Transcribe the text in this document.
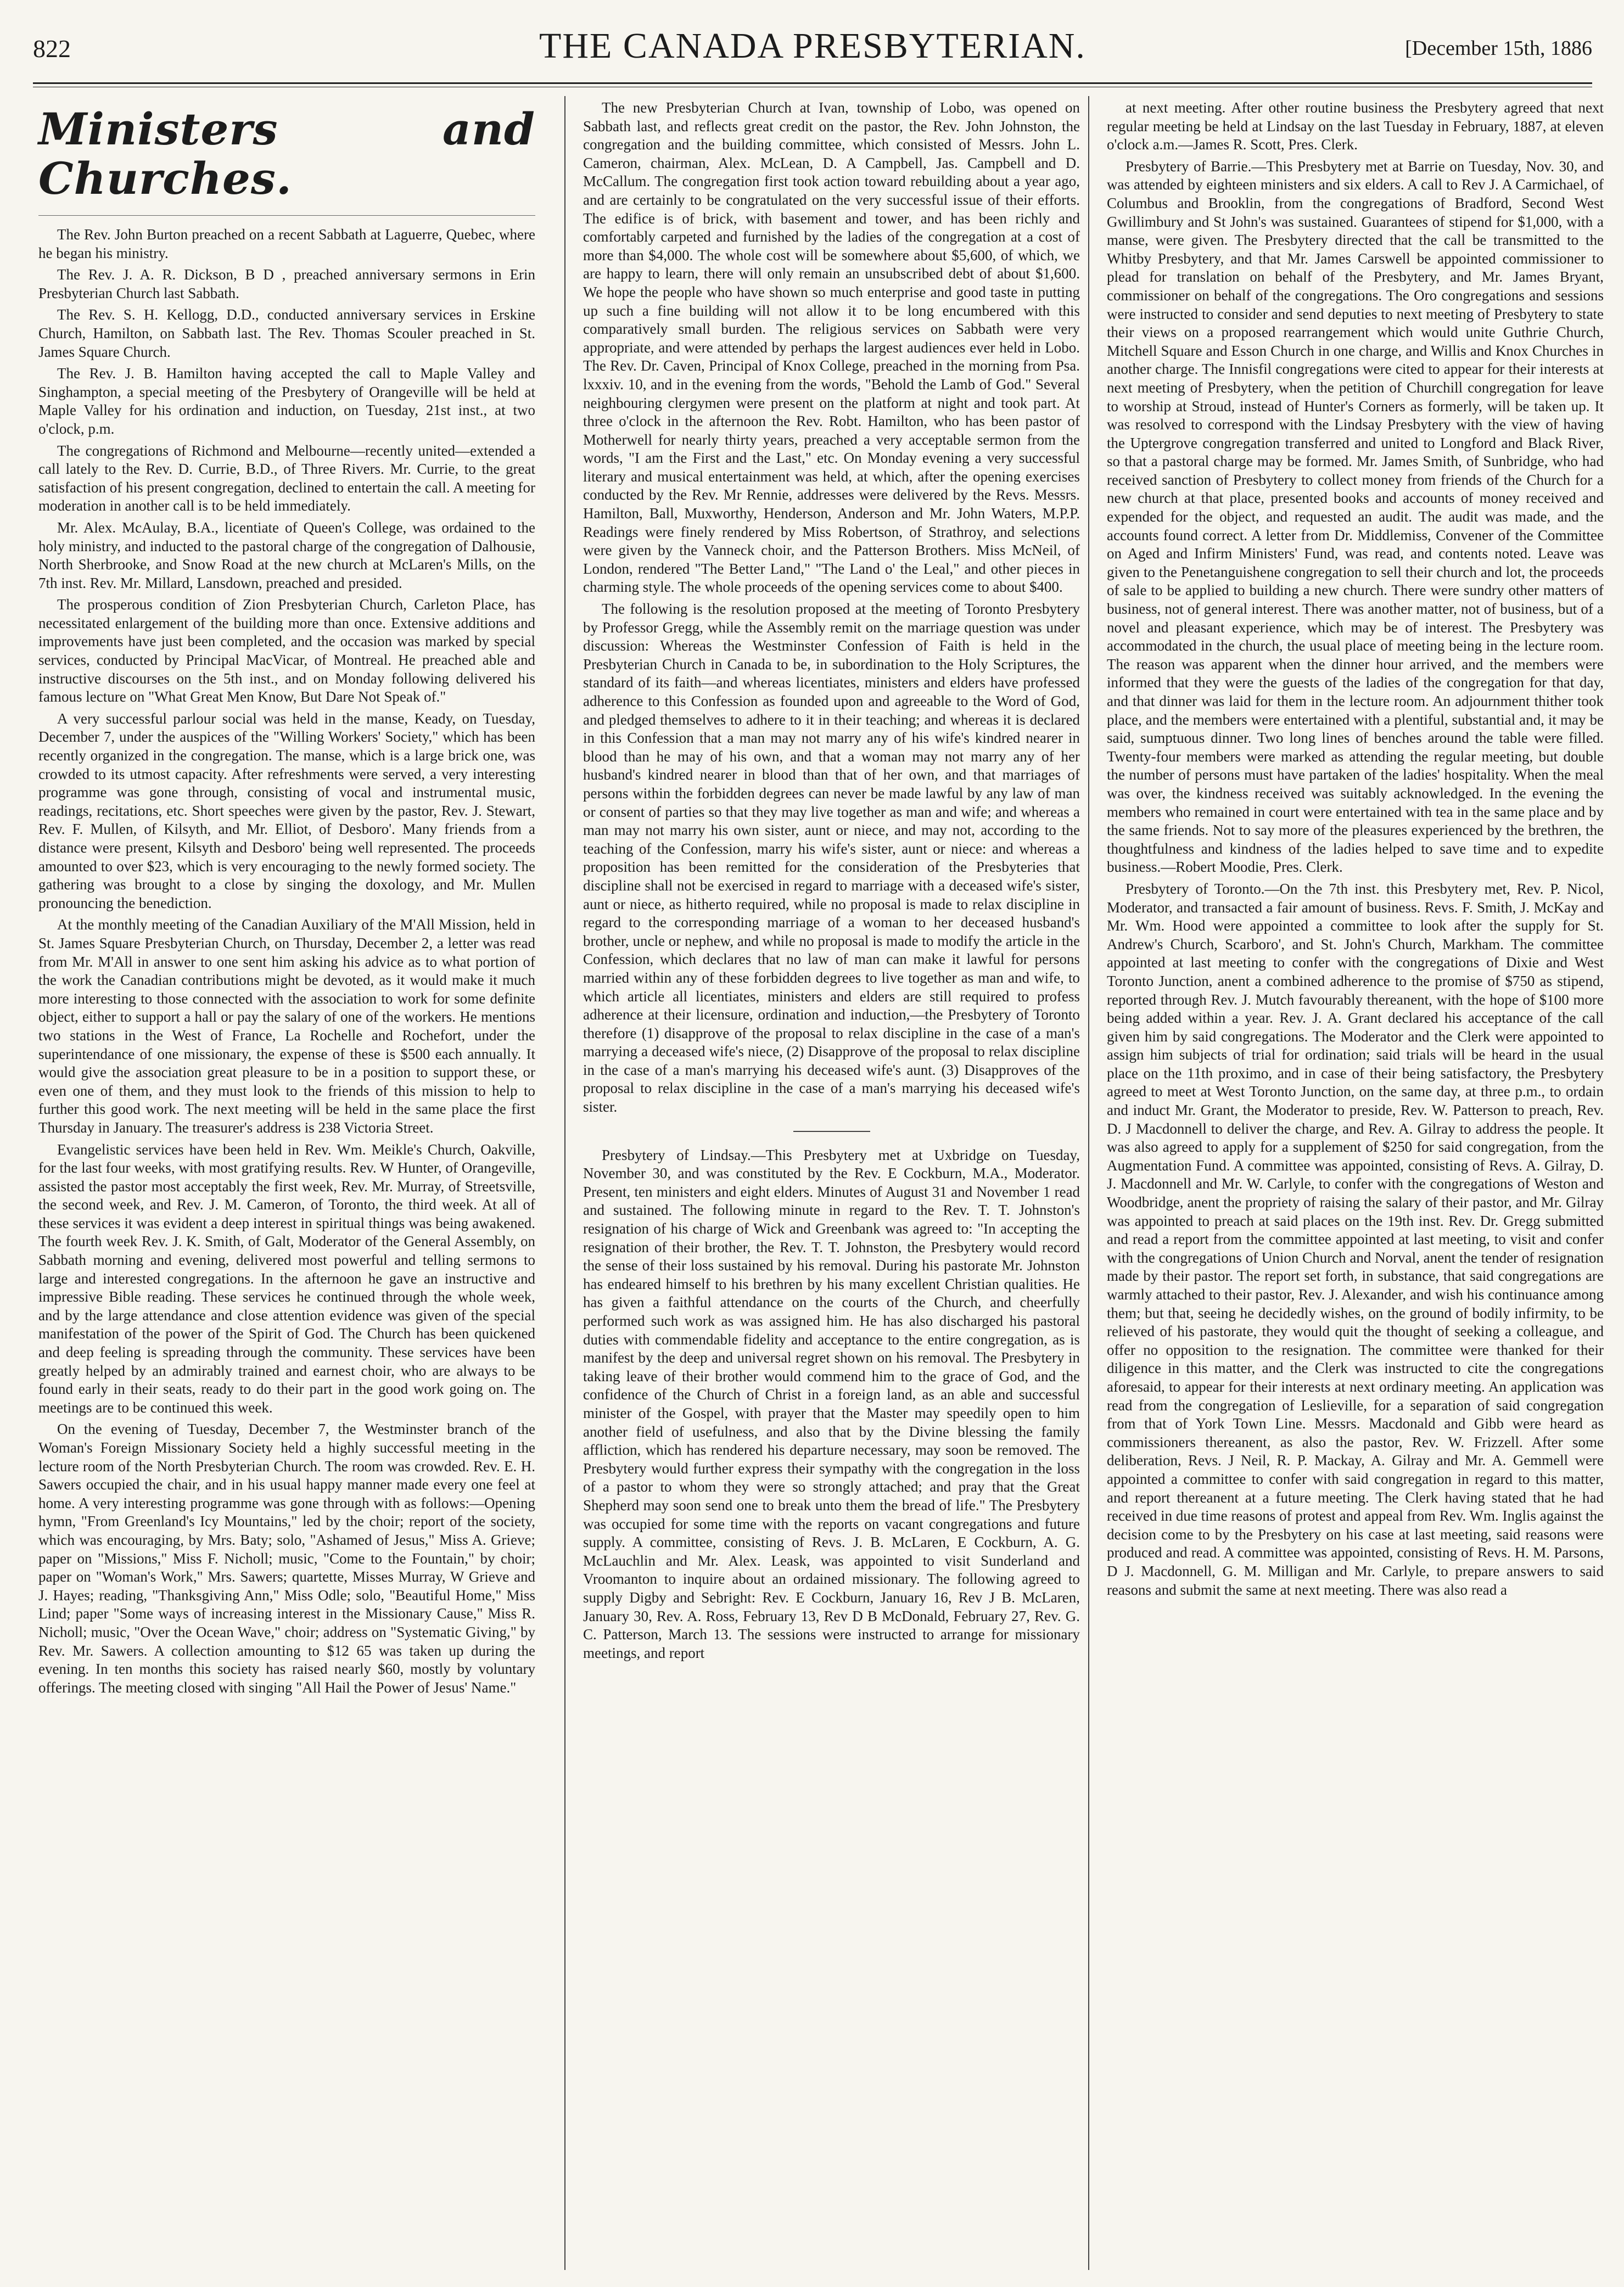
822	THE CANADA PRESBYTERIAN.	[December 15th, 1886
Ministers and Churches.

The Rev. John Burton preached on a recent Sabbath at Laguerre, Quebec, where he began his ministry.

The Rev. J. A. R. Dickson, B D , preached anniversary sermons in Erin Presbyterian Church last Sabbath.

The Rev. S. H. Kellogg, D.D., conducted anniversary services in Erskine Church, Hamilton, on Sabbath last. The Rev. Thomas Scouler preached in St. James Square Church.

The Rev. J. B. Hamilton having accepted the call to Maple Valley and Singhampton, a special meeting of the Presbytery of Orangeville will be held at Maple Valley for his ordination and induction, on Tuesday, 21st inst., at two o'clock, p.m.

The congregations of Richmond and Melbourne—recently united—extended a call lately to the Rev. D. Currie, B.D., of Three Rivers. Mr. Currie, to the great satisfaction of his present congregation, declined to entertain the call. A meeting for moderation in another call is to be held immediately.

Mr. Alex. McAulay, B.A., licentiate of Queen's College, was ordained to the holy ministry, and inducted to the pastoral charge of the congregation of Dalhousie, North Sherbrooke, and Snow Road at the new church at McLaren's Mills, on the 7th inst. Rev. Mr. Millard, Lansdown, preached and presided.

The prosperous condition of Zion Presbyterian Church, Carleton Place, has necessitated enlargement of the building more than once. Extensive additions and improvements have just been completed, and the occasion was marked by special services, conducted by Principal MacVicar, of Montreal. He preached able and instructive discourses on the 5th inst., and on Monday following delivered his famous lecture on "What Great Men Know, But Dare Not Speak of."

A very successful parlour social was held in the manse, Keady, on Tuesday, December 7, under the auspices of the "Willing Workers' Society," which has been recently organized in the congregation. The manse, which is a large brick one, was crowded to its utmost capacity. After refreshments were served, a very interesting programme was gone through, consisting of vocal and instrumental music, readings, recitations, etc. Short speeches were given by the pastor, Rev. J. Stewart, Rev. F. Mullen, of Kilsyth, and Mr. Elliot, of Desboro'. Many friends from a distance were present, Kilsyth and Desboro' being well represented. The proceeds amounted to over $23, which is very encouraging to the newly formed society. The gathering was brought to a close by singing the doxology, and Mr. Mullen pronouncing the benediction.

At the monthly meeting of the Canadian Auxiliary of the M'All Mission, held in St. James Square Presbyterian Church, on Thursday, December 2, a letter was read from Mr. M'All in answer to one sent him asking his advice as to what portion of the work the Canadian contributions might be devoted, as it would make it much more interesting to those connected with the association to work for some definite object, either to support a hall or pay the salary of one of the workers. He mentions two stations in the West of France, La Rochelle and Rochefort, under the superintendance of one missionary, the expense of these is $500 each annually. It would give the association great pleasure to be in a position to support these, or even one of them, and they must look to the friends of this mission to help to further this good work. The next meeting will be held in the same place the first Thursday in January. The treasurer's address is 238 Victoria Street.

Evangelistic services have been held in Rev. Wm. Meikle's Church, Oakville, for the last four weeks, with most gratifying results. Rev. W Hunter, of Orangeville, assisted the pastor most acceptably the first week, Rev. Mr. Murray, of Streetsville, the second week, and Rev. J. M. Cameron, of Toronto, the third week. At all of these services it was evident a deep interest in spiritual things was being awakened. The fourth week Rev. J. K. Smith, of Galt, Moderator of the General Assembly, on Sabbath morning and evening, delivered most powerful and telling sermons to large and interested congregations. In the afternoon he gave an instructive and impressive Bible reading. These services he continued through the whole week, and by the large attendance and close attention evidence was given of the special manifestation of the power of the Spirit of God. The Church has been quickened and deep feeling is spreading through the community. These services have been greatly helped by an admirably trained and earnest choir, who are always to be found early in their seats, ready to do their part in the good work going on. The meetings are to be continued this week.

On the evening of Tuesday, December 7, the Westminster branch of the Woman's Foreign Missionary Society held a highly successful meeting in the lecture room of the North Presbyterian Church. The room was crowded. Rev. E. H. Sawers occupied the chair, and in his usual happy manner made every one feel at home. A very interesting programme was gone through with as follows:—Opening hymn, "From Greenland's Icy Mountains," led by the choir; report of the society, which was encouraging, by Mrs. Baty; solo, "Ashamed of Jesus," Miss A. Grieve; paper on "Missions," Miss F. Nicholl; music, "Come to the Fountain," by choir; paper on "Woman's Work," Mrs. Sawers; quartette, Misses Murray, W Grieve and J. Hayes; reading, "Thanksgiving Ann," Miss Odle; solo, "Beautiful Home," Miss Lind; paper "Some ways of increasing interest in the Missionary Cause," Miss R. Nicholl; music, "Over the Ocean Wave," choir; address on "Systematic Giving," by Rev. Mr. Sawers. A collection amounting to $12 65 was taken up during the evening. In ten months this society has raised nearly $60, mostly by voluntary offerings. The meeting closed with singing "All Hail the Power of Jesus' Name."

The new Presbyterian Church at Ivan, township of Lobo, was opened on Sabbath last, and reflects great credit on the pastor, the Rev. John Johnston, the congregation and the building committee, which consisted of Messrs. John L. Cameron, chairman, Alex. McLean, D. A Campbell, Jas. Campbell and D. McCallum. The congregation first took action toward rebuilding about a year ago, and are certainly to be congratulated on the very successful issue of their efforts. The edifice is of brick, with basement and tower, and has been richly and comfortably carpeted and furnished by the ladies of the congregation at a cost of more than $4,000. The whole cost will be somewhere about $5,600, of which, we are happy to learn, there will only remain an unsubscribed debt of about $1,600. We hope the people who have shown so much enterprise and good taste in putting up such a fine building will not allow it to be long encumbered with this comparatively small burden. The religious services on Sabbath were very appropriate, and were attended by perhaps the largest audiences ever held in Lobo. The Rev. Dr. Caven, Principal of Knox College, preached in the morning from Psa. lxxxiv. 10, and in the evening from the words, "Behold the Lamb of God." Several neighbouring clergymen were present on the platform at night and took part. At three o'clock in the afternoon the Rev. Robt. Hamilton, who has been pastor of Motherwell for nearly thirty years, preached a very acceptable sermon from the words, "I am the First and the Last," etc. On Monday evening a very successful literary and musical entertainment was held, at which, after the opening exercises conducted by the Rev. Mr Rennie, addresses were delivered by the Revs. Messrs. Hamilton, Ball, Muxworthy, Henderson, Anderson and Mr. John Waters, M.P.P. Readings were finely rendered by Miss Robertson, of Strathroy, and selections were given by the Vanneck choir, and the Patterson Brothers. Miss McNeil, of London, rendered "The Better Land," "The Land o' the Leal," and other pieces in charming style. The whole proceeds of the opening services come to about $400.

The following is the resolution proposed at the meeting of Toronto Presbytery by Professor Gregg, while the Assembly remit on the marriage question was under discussion: Whereas the Westminster Confession of Faith is held in the Presbyterian Church in Canada to be, in subordination to the Holy Scriptures, the standard of its faith—and whereas licentiates, ministers and elders have professed adherence to this Confession as founded upon and agreeable to the Word of God, and pledged themselves to adhere to it in their teaching; and whereas it is declared in this Confession that a man may not marry any of his wife's kindred nearer in blood than he may of his own, and that a woman may not marry any of her husband's kindred nearer in blood than that of her own, and that marriages of persons within the forbidden degrees can never be made lawful by any law of man or consent of parties so that they may live together as man and wife; and whereas a man may not marry his own sister, aunt or niece, and may not, according to the teaching of the Confession, marry his wife's sister, aunt or niece: and whereas a proposition has been remitted for the consideration of the Presbyteries that discipline shall not be exercised in regard to marriage with a deceased wife's sister, aunt or niece, as hitherto required, while no proposal is made to relax discipline in regard to the corresponding marriage of a woman to her deceased husband's brother, uncle or nephew, and while no proposal is made to modify the article in the Confession, which declares that no law of man can make it lawful for persons married within any of these forbidden degrees to live together as man and wife, to which article all licentiates, ministers and elders are still required to profess adherence at their licensure, ordination and induction,—the Presbytery of Toronto therefore (1) disapprove of the proposal to relax discipline in the case of a man's marrying a deceased wife's niece, (2) Disapprove of the proposal to relax discipline in the case of a man's marrying his deceased wife's aunt. (3) Disapproves of the proposal to relax discipline in the case of a man's marrying his deceased wife's sister.

Presbytery of Lindsay.—This Presbytery met at Uxbridge on Tuesday, November 30, and was constituted by the Rev. E Cockburn, M.A., Moderator. Present, ten ministers and eight elders. Minutes of August 31 and November 1 read and sustained. The following minute in regard to the Rev. T. T. Johnston's resignation of his charge of Wick and Greenbank was agreed to: "In accepting the resignation of their brother, the Rev. T. T. Johnston, the Presbytery would record the sense of their loss sustained by his removal. During his pastorate Mr. Johnston has endeared himself to his brethren by his many excellent Christian qualities. He has given a faithful attendance on the courts of the Church, and cheerfully performed such work as was assigned him. He has also discharged his pastoral duties with commendable fidelity and acceptance to the entire congregation, as is manifest by the deep and universal regret shown on his removal. The Presbytery in taking leave of their brother would commend him to the grace of God, and the confidence of the Church of Christ in a foreign land, as an able and successful minister of the Gospel, with prayer that the Master may speedily open to him another field of usefulness, and also that by the Divine blessing the family affliction, which has rendered his departure necessary, may soon be removed. The Presbytery would further express their sympathy with the congregation in the loss of a pastor to whom they were so strongly attached; and pray that the Great Shepherd may soon send one to break unto them the bread of life." The Presbytery was occupied for some time with the reports on vacant congregations and future supply. A committee, consisting of Revs. J. B. McLaren, E Cockburn, A. G. McLauchlin and Mr. Alex. Leask, was appointed to visit Sunderland and Vroomanton to inquire about an ordained missionary. The following agreed to supply Digby and Sebright: Rev. E Cockburn, January 16, Rev J B. McLaren, January 30, Rev. A. Ross, February 13, Rev D B McDonald, February 27, Rev. G. C. Patterson, March 13. The sessions were instructed to arrange for missionary meetings, and report

at next meeting. After other routine business the Presbytery agreed that next regular meeting be held at Lindsay on the last Tuesday in February, 1887, at eleven o'clock a.m.—James R. Scott, Pres. Clerk.

Presbytery of Barrie.—This Presbytery met at Barrie on Tuesday, Nov. 30, and was attended by eighteen ministers and six elders. A call to Rev J. A Carmichael, of Columbus and Brooklin, from the congregations of Bradford, Second West Gwillimbury and St John's was sustained. Guarantees of stipend for $1,000, with a manse, were given. The Presbytery directed that the call be transmitted to the Whitby Presbytery, and that Mr. James Carswell be appointed commissioner to plead for translation on behalf of the Presbytery, and Mr. James Bryant, commissioner on behalf of the congregations. The Oro congregations and sessions were instructed to consider and send deputies to next meeting of Presbytery to state their views on a proposed rearrangement which would unite Guthrie Church, Mitchell Square and Esson Church in one charge, and Willis and Knox Churches in another charge. The Innisfil congregations were cited to appear for their interests at next meeting of Presbytery, when the petition of Churchill congregation for leave to worship at Stroud, instead of Hunter's Corners as formerly, will be taken up. It was resolved to correspond with the Lindsay Presbytery with the view of having the Uptergrove congregation transferred and united to Longford and Black River, so that a pastoral charge may be formed. Mr. James Smith, of Sunbridge, who had received sanction of Presbytery to collect money from friends of the Church for a new church at that place, presented books and accounts of money received and expended for the object, and requested an audit. The audit was made, and the accounts found correct. A letter from Dr. Middlemiss, Convener of the Committee on Aged and Infirm Ministers' Fund, was read, and contents noted. Leave was given to the Penetanguishene congregation to sell their church and lot, the proceeds of sale to be applied to building a new church. There were sundry other matters of business, not of general interest. There was another matter, not of business, but of a novel and pleasant experience, which may be of interest. The Presbytery was accommodated in the church, the usual place of meeting being in the lecture room. The reason was apparent when the dinner hour arrived, and the members were informed that they were the guests of the ladies of the congregation for that day, and that dinner was laid for them in the lecture room. An adjournment thither took place, and the members were entertained with a plentiful, substantial and, it may be said, sumptuous dinner. Two long lines of benches around the table were filled. Twenty-four members were marked as attending the regular meeting, but double the number of persons must have partaken of the ladies' hospitality. When the meal was over, the kindness received was suitably acknowledged. In the evening the members who remained in court were entertained with tea in the same place and by the same friends. Not to say more of the pleasures experienced by the brethren, the thoughtfulness and kindness of the ladies helped to save time and to expedite business.—Robert Moodie, Pres. Clerk.

Presbytery of Toronto.—On the 7th inst. this Presbytery met, Rev. P. Nicol, Moderator, and transacted a fair amount of business. Revs. F. Smith, J. McKay and Mr. Wm. Hood were appointed a committee to look after the supply for St. Andrew's Church, Scarboro', and St. John's Church, Markham. The committee appointed at last meeting to confer with the congregations of Dixie and West Toronto Junction, anent a combined adherence to the promise of $750 as stipend, reported through Rev. J. Mutch favourably thereanent, with the hope of $100 more being added within a year. Rev. J. A. Grant declared his acceptance of the call given him by said congregations. The Moderator and the Clerk were appointed to assign him subjects of trial for ordination; said trials will be heard in the usual place on the 11th proximo, and in case of their being satisfactory, the Presbytery agreed to meet at West Toronto Junction, on the same day, at three p.m., to ordain and induct Mr. Grant, the Moderator to preside, Rev. W. Patterson to preach, Rev. D. J Macdonnell to deliver the charge, and Rev. A. Gilray to address the people. It was also agreed to apply for a supplement of $250 for said congregation, from the Augmentation Fund. A committee was appointed, consisting of Revs. A. Gilray, D. J. Macdonnell and Mr. W. Carlyle, to confer with the congregations of Weston and Woodbridge, anent the propriety of raising the salary of their pastor, and Mr. Gilray was appointed to preach at said places on the 19th inst. Rev. Dr. Gregg submitted and read a report from the committee appointed at last meeting, to visit and confer with the congregations of Union Church and Norval, anent the tender of resignation made by their pastor. The report set forth, in substance, that said congregations are warmly attached to their pastor, Rev. J. Alexander, and wish his continuance among them; but that, seeing he decidedly wishes, on the ground of bodily infirmity, to be relieved of his pastorate, they would quit the thought of seeking a colleague, and offer no opposition to the resignation. The committee were thanked for their diligence in this matter, and the Clerk was instructed to cite the congregations aforesaid, to appear for their interests at next ordinary meeting. An application was read from the congregation of Leslieville, for a separation of said congregation from that of York Town Line. Messrs. Macdonald and Gibb were heard as commissioners thereanent, as also the pastor, Rev. W. Frizzell. After some deliberation, Revs. J Neil, R. P. Mackay, A. Gilray and Mr. A. Gemmell were appointed a committee to confer with said congregation in regard to this matter, and report thereanent at a future meeting. The Clerk having stated that he had received in due time reasons of protest and appeal from Rev. Wm. Inglis against the decision come to by the Presbytery on his case at last meeting, said reasons were produced and read. A committee was appointed, consisting of Revs. H. M. Parsons, D J. Macdonnell, G. M. Milligan and Mr. Carlyle, to prepare answers to said reasons and submit the same at next meeting. There was also read a
